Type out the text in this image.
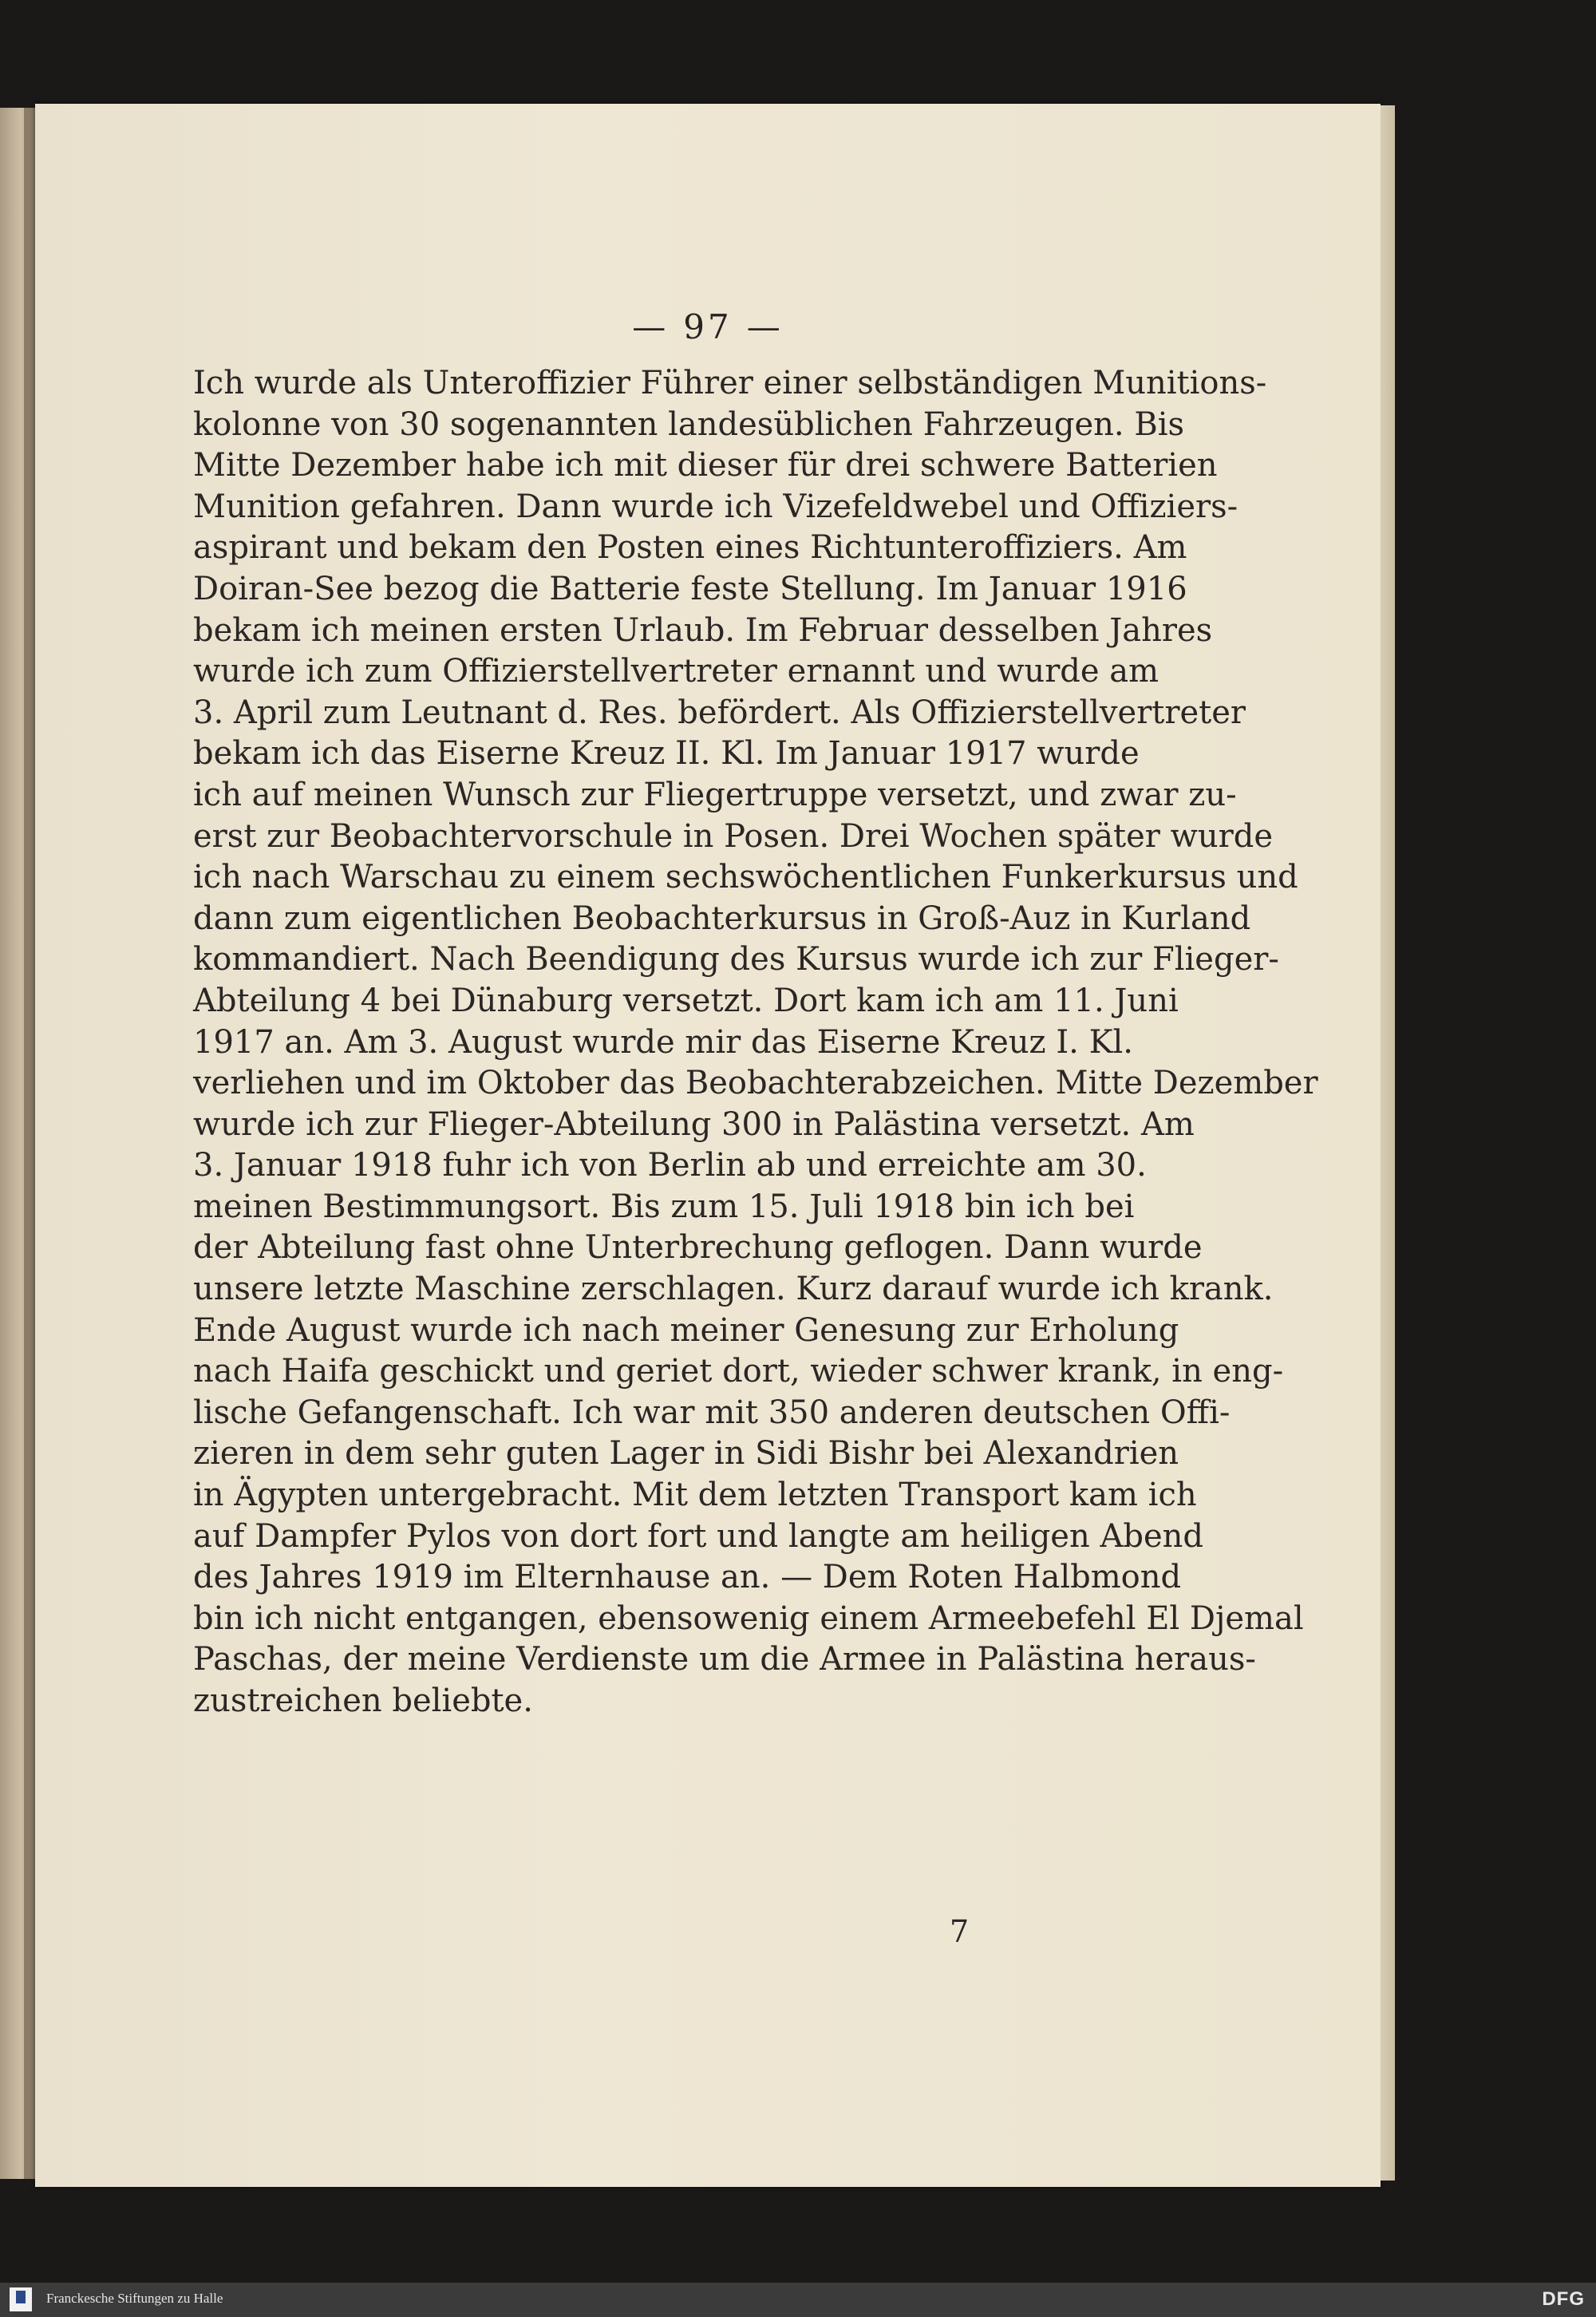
— 97 —
Ich wurde als Unteroffizier Führer einer selbständigen Munitions-
kolonne von 30 sogenannten landesüblichen Fahrzeugen. Bis
Mitte Dezember habe ich mit dieser für drei schwere Batterien
Munition gefahren. Dann wurde ich Vizefeldwebel und Offiziers-
aspirant und bekam den Posten eines Richtunteroffiziers. Am
Doiran-See bezog die Batterie feste Stellung. Im Januar 1916
bekam ich meinen ersten Urlaub. Im Februar desselben Jahres
wurde ich zum Offizierstellvertreter ernannt und wurde am
3. April zum Leutnant d. Res. befördert. Als Offizierstellvertreter
bekam ich das Eiserne Kreuz II. Kl. Im Januar 1917 wurde
ich auf meinen Wunsch zur Fliegertruppe versetzt, und zwar zu-
erst zur Beobachtervorschule in Posen. Drei Wochen später wurde
ich nach Warschau zu einem sechswöchentlichen Funkerkursus und
dann zum eigentlichen Beobachterkursus in Groß-Auz in Kurland
kommandiert. Nach Beendigung des Kursus wurde ich zur Flieger-
Abteilung 4 bei Dünaburg versetzt. Dort kam ich am 11. Juni
1917 an. Am 3. August wurde mir das Eiserne Kreuz I. Kl.
verliehen und im Oktober das Beobachterabzeichen. Mitte Dezember
wurde ich zur Flieger-Abteilung 300 in Palästina versetzt. Am
3. Januar 1918 fuhr ich von Berlin ab und erreichte am 30.
meinen Bestimmungsort. Bis zum 15. Juli 1918 bin ich bei
der Abteilung fast ohne Unterbrechung geflogen. Dann wurde
unsere letzte Maschine zerschlagen. Kurz darauf wurde ich krank.
Ende August wurde ich nach meiner Genesung zur Erholung
nach Haifa geschickt und geriet dort, wieder schwer krank, in eng-
lische Gefangenschaft. Ich war mit 350 anderen deutschen Offi-
zieren in dem sehr guten Lager in Sidi Bishr bei Alexandrien
in Ägypten untergebracht. Mit dem letzten Transport kam ich
auf Dampfer Pylos von dort fort und langte am heiligen Abend
des Jahres 1919 im Elternhause an. — Dem Roten Halbmond
bin ich nicht entgangen, ebensowenig einem Armeebefehl El Djemal
Paschas, der meine Verdienste um die Armee in Palästina heraus-
zustreichen beliebte.
7
Franckesche Stiftungen zu Halle	DFG
